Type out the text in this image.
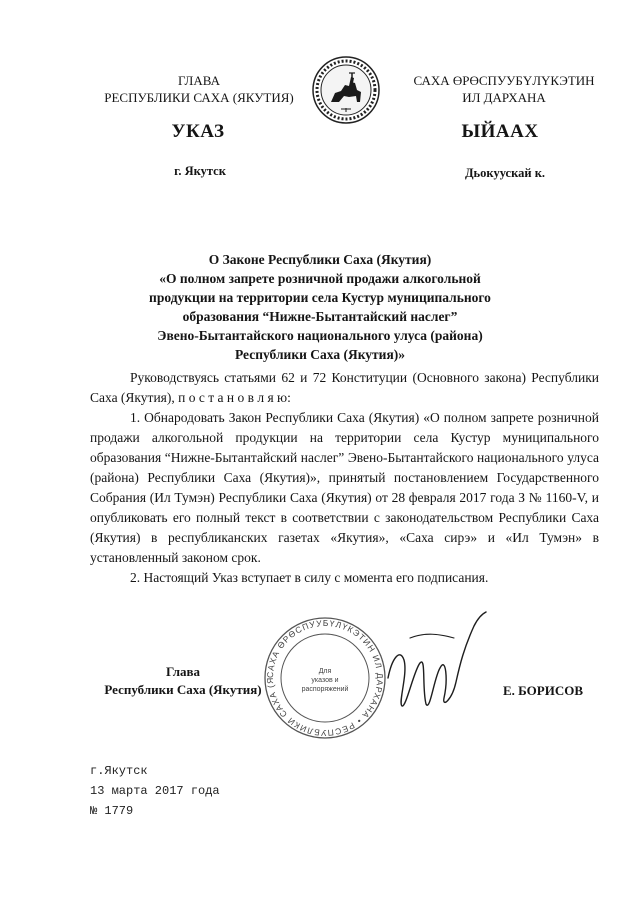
ГЛАВА
РЕСПУБЛИКИ САХА (ЯКУТИЯ)
САХА ӨРӨСПУУБҮЛҮКЭТИН
ИЛ ДАРХАНА
УКАЗ	ЫЙААХ
г. Якутск	Дьокуускай к.
О Законе Республики Саха (Якутия)
«О полном запрете розничной продажи алкогольной
продукции на территории села Кустур муниципального
образования “Нижне-Бытантайский наслег”
Эвено-Бытантайского национального улуса (района)
Республики Саха (Якутия)»

Руководствуясь статьями 62 и 72 Конституции (Основного закона) Республики Саха (Якутия), п о с т а н о в л я ю:

1. Обнародовать Закон Республики Саха (Якутия) «О полном запрете розничной продажи алкогольной продукции на территории села Кустур муниципального образования “Нижне-Бытантайский наслег” Эвено-Бытантайского национального улуса (района) Республики Саха (Якутия)», принятый постановлением Государственного Собрания (Ил Тумэн) Республики Саха (Якутия) от 28 февраля 2017 года З № 1160-V, и опубликовать его полный текст в соответствии с законодательством Республики Саха (Якутия) в республиканских газетах «Якутия», «Саха сирэ» и «Ил Тумэн» в установленный законом срок.

2. Настоящий Указ вступает в силу с момента его подписания.

Глава
Республики Саха (Якутия)
САХА ӨРӨСПУУБҮЛҮКЭТИН ИЛ ДАРХАНА • РЕСПУБЛИКИ САХА (Я
Для
указов и
распоряжений	Е. БОРИСОВ
г.Якутск
13 марта 2017 года
№ 1779
